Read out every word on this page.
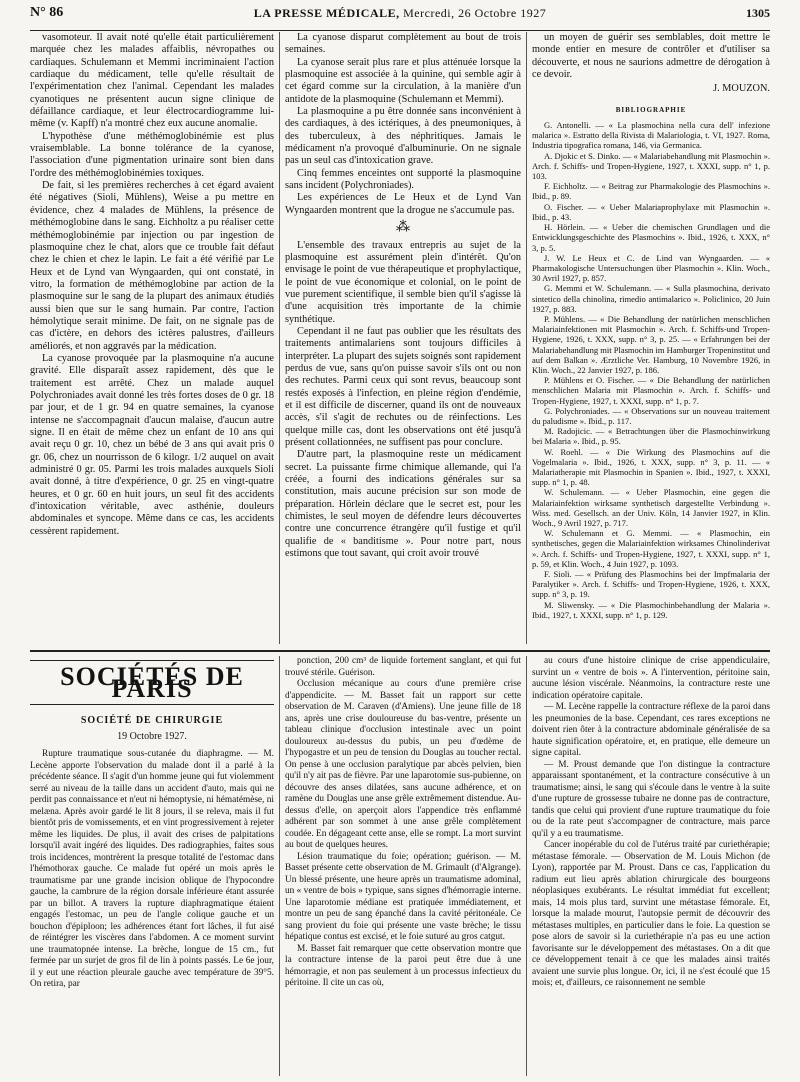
N° 86	LA PRESSE MÉDICALE, Mercredi, 26 Octobre 1927	1305

vasomoteur. Il avait noté qu'elle était particulièrement marquée chez les malades affaiblis, névropathes ou cardiaques. Schulemann et Memmi incriminaient l'action cardiaque du médicament, telle qu'elle résultait de l'expérimentation chez l'animal. Cependant les malades cyanotiques ne présentent aucun signe clinique de défaillance cardiaque, et leur électrocardiogramme lui-même (v. Kapff) n'a montré chez eux aucune anomalie.

L'hypothèse d'une méthémoglobinémie est plus vraisemblable. La bonne tolérance de la cyanose, l'association d'une pigmentation urinaire sont bien dans l'ordre des méthémoglobinémies toxiques.

De fait, si les premières recherches à cet égard avaient été négatives (Sioli, Mühlens), Weise a pu mettre en évidence, chez 4 malades de Mühlens, la présence de méthémoglobine dans le sang. Eichholtz a pu réaliser cette méthémoglobinémie par injection ou par ingestion de plasmoquine chez le chat, alors que ce trouble fait défaut chez le chien et chez le lapin. Le fait a été vérifié par Le Heux et de Lynd van Wyngaarden, qui ont constaté, in vitro, la formation de méthémoglobine par action de la plasmoquine sur le sang de la plupart des animaux étudiés aussi bien que sur le sang humain. Par contre, l'action hémolytique serait minime. De fait, on ne signale pas de cas d'ictère, en dehors des ictères palustres, d'ailleurs améliorés, et non aggravés par la médication.

La cyanose provoquée par la plasmoquine n'a aucune gravité. Elle disparaît assez rapidement, dès que le traitement est arrêté. Chez un malade auquel Polychroniades avait donné les très fortes doses de 0 gr. 18 par jour, et de 1 gr. 94 en quatre semaines, la cyanose intense ne s'accompagnait d'aucun malaise, d'aucun autre signe. Il en était de même chez un enfant de 10 ans qui avait reçu 0 gr. 10, chez un bébé de 3 ans qui avait pris 0 gr. 06, chez un nourrisson de 6 kilogr. 1/2 auquel on avait administré 0 gr. 05. Parmi les trois malades auxquels Sioli avait donné, à titre d'expérience, 0 gr. 25 en vingt-quatre heures, et 0 gr. 60 en huit jours, un seul fit des accidents d'intoxication véritable, avec asthénie, douleurs abdominales et syncope. Même dans ce cas, les accidents cessèrent rapidement.

La cyanose disparut complètement au bout de trois semaines.

La cyanose serait plus rare et plus atténuée lorsque la plasmoquine est associée à la quinine, qui semble agir à cet égard comme sur la circulation, à la manière d'un antidote de la plasmoquine (Schulemann et Memmi).

La plasmoquine a pu être donnée sans inconvénient à des cardiaques, à des ictériques, à des pneumoniques, à des tuberculeux, à des néphritiques. Jamais le médicament n'a provoqué d'albuminurie. On ne signale pas un seul cas d'intoxication grave.

Cinq femmes enceintes ont supporté la plasmoquine sans incident (Polychroniades).

Les expériences de Le Heux et de Lynd Van Wyngaarden montrent que la drogue ne s'accumule pas.

⁂

L'ensemble des travaux entrepris au sujet de la plasmoquine est assurément plein d'intérêt. Qu'on envisage le point de vue thérapeutique et prophylactique, le point de vue économique et colonial, on le point de vue purement scientifique, il semble bien qu'il s'agisse là d'une acquisition très importante de la chimie synthétique.

Cependant il ne faut pas oublier que les résultats des traitements antimalariens sont toujours difficiles à interpréter. La plupart des sujets soignés sont rapidement perdus de vue, sans qu'on puisse savoir s'ils ont ou non des rechutes. Parmi ceux qui sont revus, beaucoup sont restés exposés à l'infection, en pleine région d'endémie, et il est difficile de discerner, quand ils ont de nouveaux accès, s'il s'agit de rechutes ou de réinfections. Les quelque mille cas, dont les observations ont été jusqu'à présent collationnées, ne suffisent pas pour conclure.

D'autre part, la plasmoquine reste un médicament secret. La puissante firme chimique allemande, qui l'a créée, a fourni des indications générales sur sa constitution, mais aucune précision sur son mode de préparation. Hörlein déclare que le secret est, pour les chimistes, le seul moyen de défendre leurs découvertes contre une concurrence étrangère qu'il fustige et qu'il qualifie de « banditisme ». Pour notre part, nous estimons que tout savant, qui croit avoir trouvé

un moyen de guérir ses semblables, doit mettre le monde entier en mesure de contrôler et d'utiliser sa découverte, et nous ne saurions admettre de dérogation à ce devoir.

J. MOUZON.
BIBLIOGRAPHIE

G. Antonelli. — « La plasmochina nella cura dell' infezione malarica ». Estratto della Rivista di Malariologia, t. VI, 1927. Roma, Industria tipografica romana, 146, via Germanica.

A. Djokic et S. Dinko. — « Malariabehandlung mit Plasmochin ». Arch. f. Schiffs- und Tropen-Hygiene, 1927, t. XXXI, supp. n° 1, p. 103.

F. Eichholtz. — « Beitrag zur Pharmakologie des Plasmochins ». Ibid., p. 89.

O. Fischer. — « Ueber Malariaprophylaxe mit Plasmochin ». Ibid., p. 43.

H. Hörlein. — « Ueber die chemischen Grundlagen und die Entwicklungsgeschichte des Plasmochins ». Ibid., 1926, t. XXX, n° 3, p. 5.

J. W. Le Heux et C. de Lind van Wyngaarden. — « Pharmakologische Untersuchungen über Plasmochin ». Klin. Woch., 30 Avril 1927, p. 857.

G. Memmi et W. Schulemann. — « Sulla plasmochina, derivato sintetico della chinolina, rimedio antimalarico ». Policlinico, 20 Juin 1927, p. 883.

P. Mühlens. — « Die Behandlung der natürlichen menschlichen Malariainfektionen mit Plasmochin ». Arch. f. Schiffs-und Tropen-Hygiene, 1926, t. XXX, supp. n° 3, p. 25. — « Erfahrungen bei der Malariabehandlung mit Plasmochin im Hamburger Tropeninstitut und auf dem Balkan ». Ærztliche Ver. Hamburg, 10 Novembre 1926, in Klin. Woch., 22 Janvier 1927, p. 186.

P. Mühlens et O. Fischer. — « Die Behandlung der natürlichen menschlichen Malaria mit Plasmochin ». Arch. f. Schiffs- und Tropen-Hygiene, 1927, t. XXXI, supp. n° 1, p. 7.

G. Polychroniades. — « Observations sur un nouveau traitement du paludisme ». Ibid., p. 117.

M. Radojicic. — « Betrachtungen über die Plasmochinwirkung bei Malaria ». Ibid., p. 95.

W. Roehl. — « Die Wirkung des Plasmochins auf die Vogelmalaria ». Ibid., 1926, t. XXX, supp. n° 3, p. 11. — « Malariatherapie mit Plasmochin in Spanien ». Ibid., 1927, t. XXXI, supp. n° 1, p. 48.

W. Schulemann. — « Ueber Plasmochin, eine gegen die Malariainfektion wirksame synthetisch dargestellte Verbindung ». Wiss. med. Gesellsch. an der Univ. Köln, 14 Janvier 1927, in Klin. Woch., 9 Avril 1927, p. 717.

W. Schulemann et G. Memmi. — « Plasmochin, ein synthetisches, gegen die Malariainfektion wirksames Chinolinderivat ». Arch. f. Schiffs- und Tropen-Hygiene, 1927, t. XXXI, supp. n° 1, p. 59, et Klin. Woch., 4 Juin 1927, p. 1093.

F. Sioli. — « Prüfung des Plasmochins bei der Impfmalaria der Paralytiker ». Arch. f. Schiffs- und Tropen-Hygiene, 1926, t. XXX, supp. n° 3, p. 19.

M. Sliwensky. — « Die Plasmochinbehandlung der Malaria ». Ibid., 1927, t. XXXI, supp. n° 1, p. 129.

SOCIÉTÉS DE PARIS
SOCIÉTÉ DE CHIRURGIE
19 Octobre 1927.

Rupture traumatique sous-cutanée du diaphragme. — M. Lecène apporte l'observation du malade dont il a parlé à la précédente séance. Il s'agit d'un homme jeune qui fut violemment serré au niveau de la taille dans un accident d'auto, mais qui ne perdit pas connaissance et n'eut ni hémoptysie, ni hématémèse, ni melæna. Après avoir gardé le lit 8 jours, il se releva, mais il fut bientôt pris de vomissements, et en vint progressivement à rejeter même les liquides. De plus, il avait des crises de palpitations lorsqu'il avait ingéré des liquides. Des radiographies, faites sous trois incidences, montrèrent la presque totalité de l'estomac dans l'hémothorax gauche. Ce malade fut opéré un mois après le traumatisme par une grande incision oblique de l'hypocondre gauche, la cambrure de la région dorsale inférieure étant assurée par un billot. A travers la rupture diaphragmatique étaient engagés l'estomac, un peu de l'angle colique gauche et un bouchon d'épiploon; les adhérences étant fort lâches, il fut aisé de réintégrer les viscères dans l'abdomen. A ce moment survint une traumatopnée intense. La brèche, longue de 15 cm., fut fermée par un surjet de gros fil de lin à points passés. Le 6e jour, il y eut une réaction pleurale gauche avec température de 39°5. On retira, par

ponction, 200 cm³ de liquide fortement sanglant, et qui fut trouvé stérile. Guérison.

Occlusion mécanique au cours d'une première crise d'appendicite. — M. Basset fait un rapport sur cette observation de M. Caraven (d'Amiens). Une jeune fille de 18 ans, après une crise douloureuse du bas-ventre, présente un tableau clinique d'occlusion intestinale avec un point douloureux au-dessus du pubis, un peu d'œdème de l'hypogastre et un peu de tension du Douglas au toucher rectal. On pense à une occlusion paralytique par abcès pelvien, bien qu'il n'y ait pas de fièvre. Par une laparotomie sus-pubienne, on découvre des anses dilatées, sans aucune adhérence, et on ramène du Douglas une anse grêle extrêmement distendue. Au-dessus d'elle, on aperçoit alors l'appendice très enflammé adhérent par son sommet à une anse grêle complètement coudée. En dégageant cette anse, elle se rompt. La mort survint au bout de quelques heures.

Lésion traumatique du foie; opération; guérison. — M. Basset présente cette observation de M. Grimault (d'Algrange). Un blessé présente, une heure après un traumatisme adominal, un « ventre de bois » typique, sans signes d'hémorragie interne. Une laparotomie médiane est pratiquée immédiatement, et montre un peu de sang épanché dans la cavité péritonéale. Ce sang provient du foie qui présente une vaste brèche; le tissu hépatique contus est excisé, et le foie suturé au gros catgut.

M. Basset fait remarquer que cette observation montre que la contracture intense de la paroi peut être due à une hémorragie, et non pas seulement à un processus infectieux du péritoine. Il cite un cas où,

au cours d'une histoire clinique de crise appendiculaire, survint un « ventre de bois ». A l'intervention, péritoine sain, aucune lésion viscérale. Néanmoins, la contracture reste une indication opératoire capitale.

— M. Lecène rappelle la contracture réflexe de la paroi dans les pneumonies de la base. Cependant, ces rares exceptions ne doivent rien ôter à la contracture abdominale généralisée de sa haute signification opératoire, et, en pratique, elle demeure un signe capital.

— M. Proust demande que l'on distingue la contracture apparaissant spontanément, et la contracture consécutive à un traumatisme; ainsi, le sang qui s'écoule dans le ventre à la suite d'une rupture de grossesse tubaire ne donne pas de contracture, tandis que celui qui provient d'une rupture traumatique du foie ou de la rate peut s'accompagner de contracture, mais parce qu'il y a eu traumatisme.

Cancer inopérable du col de l'utérus traité par curiethérapie; métastase fémorale. — Observation de M. Louis Michon (de Lyon), rapportée par M. Proust. Dans ce cas, l'application du radium eut lieu après ablation chirurgicale des bourgeons néoplasiques exubérants. Le résultat immédiat fut excellent; mais, 14 mois plus tard, survint une métastase fémorale. Et, lorsque la malade mourut, l'autopsie permit de découvrir des métastases multiples, en particulier dans le foie. La question se pose alors de savoir si la curiethérapie n'a pas eu une action favorisante sur le développement des métastases. On a dit que ce développement tenait à ce que les malades ainsi traités avaient une survie plus longue. Or, ici, il ne s'est écoulé que 15 mois; et, d'ailleurs, ce raisonnement ne semble
